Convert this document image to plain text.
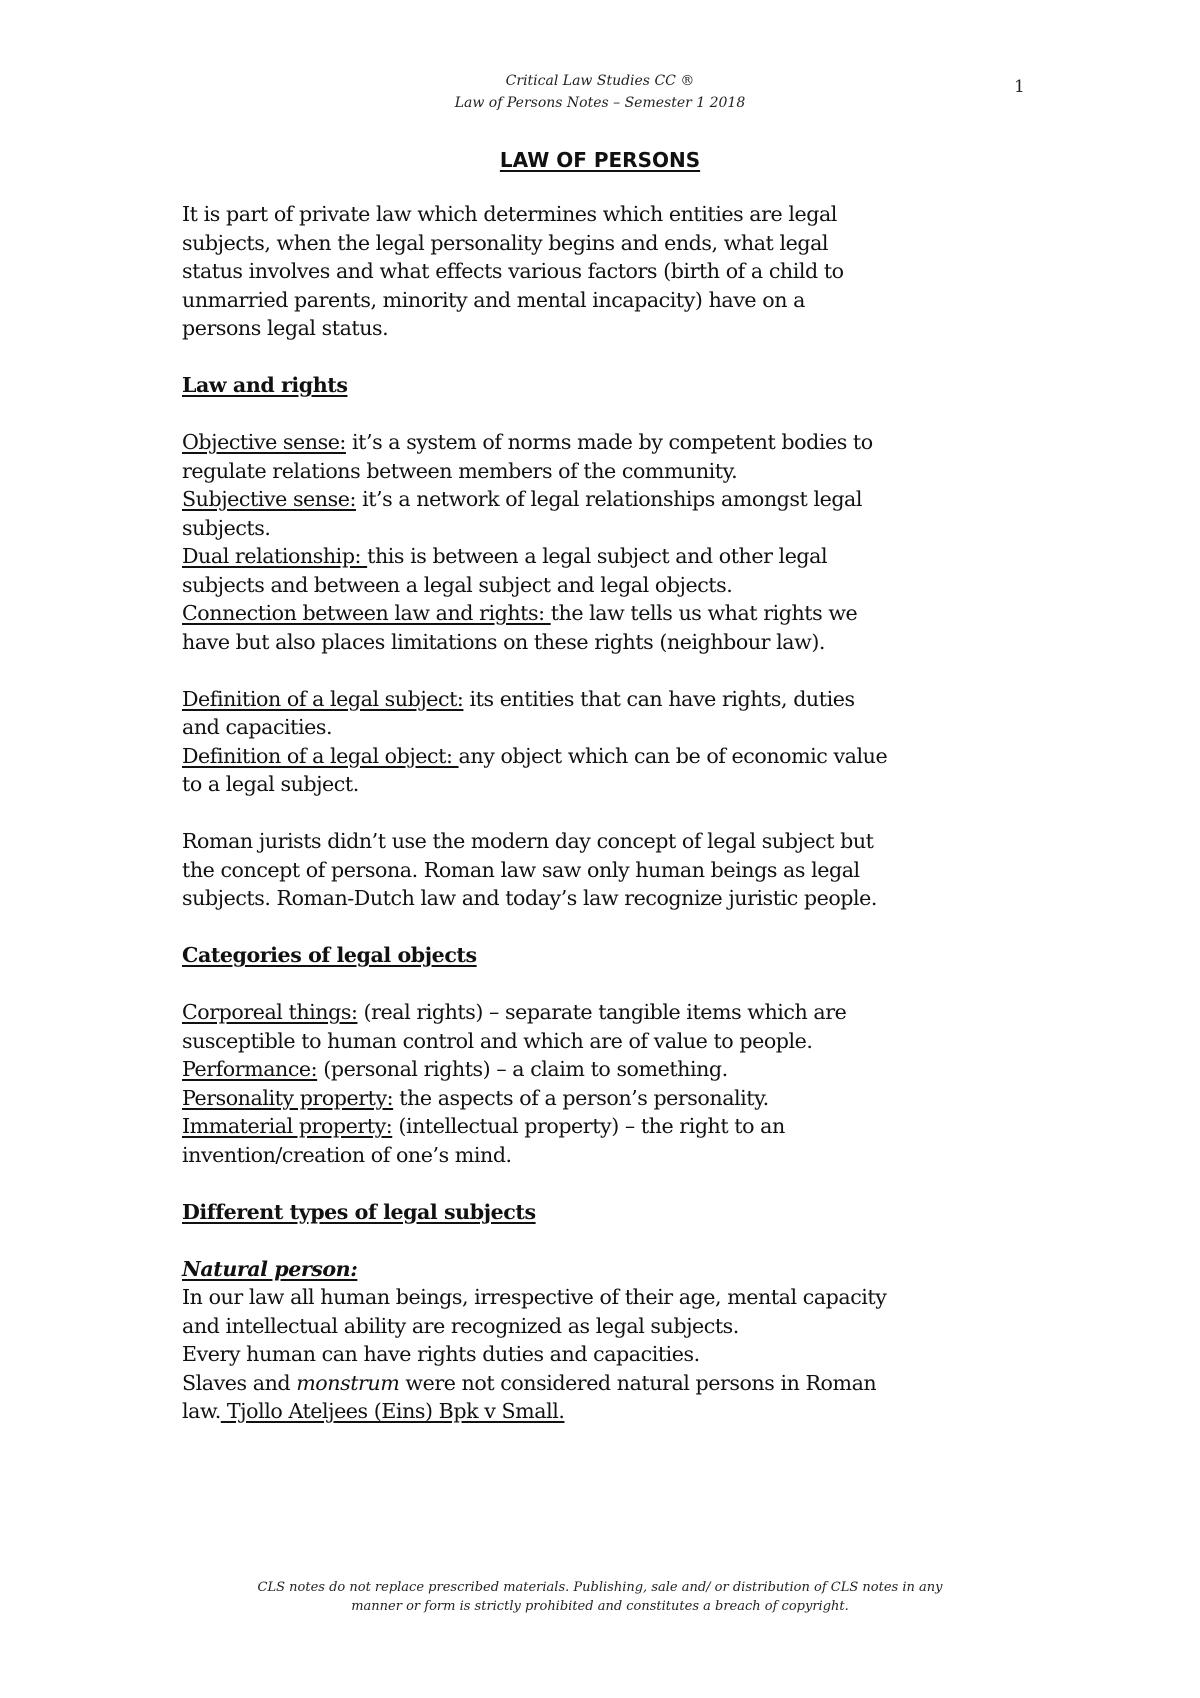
Critical Law Studies CC ®
Law of Persons Notes – Semester 1 2018
1
LAW OF PERSONS

It is part of private law which determines which entities are legal

subjects, when the legal personality begins and ends, what legal

status involves and what effects various factors (birth of a child to

unmarried parents, minority and mental incapacity) have on a

persons legal status.

Law and rights

Objective sense: it’s a system of norms made by competent bodies to

regulate relations between members of the community.

Subjective sense: it’s a network of legal relationships amongst legal

subjects.

Dual relationship: this is between a legal subject and other legal

subjects and between a legal subject and legal objects.

Connection between law and rights: the law tells us what rights we

have but also places limitations on these rights (neighbour law).

Definition of a legal subject: its entities that can have rights, duties

and capacities.

Definition of a legal object: any object which can be of economic value

to a legal subject.

Roman jurists didn’t use the modern day concept of legal subject but

the concept of persona. Roman law saw only human beings as legal

subjects. Roman-Dutch law and today’s law recognize juristic people.

Categories of legal objects

Corporeal things: (real rights) – separate tangible items which are

susceptible to human control and which are of value to people.

Performance: (personal rights) – a claim to something.

Personality property: the aspects of a person’s personality.

Immaterial property: (intellectual property) – the right to an

invention/creation of one’s mind.

Different types of legal subjects

Natural person:

In our law all human beings, irrespective of their age, mental capacity

and intellectual ability are recognized as legal subjects.

Every human can have rights duties and capacities.

Slaves and monstrum were not considered natural persons in Roman

law. Tjollo Ateljees (Eins) Bpk v Small.

CLS notes do not replace prescribed materials. Publishing, sale and/ or distribution of CLS notes in any
manner or form is strictly prohibited and constitutes a breach of copyright.
